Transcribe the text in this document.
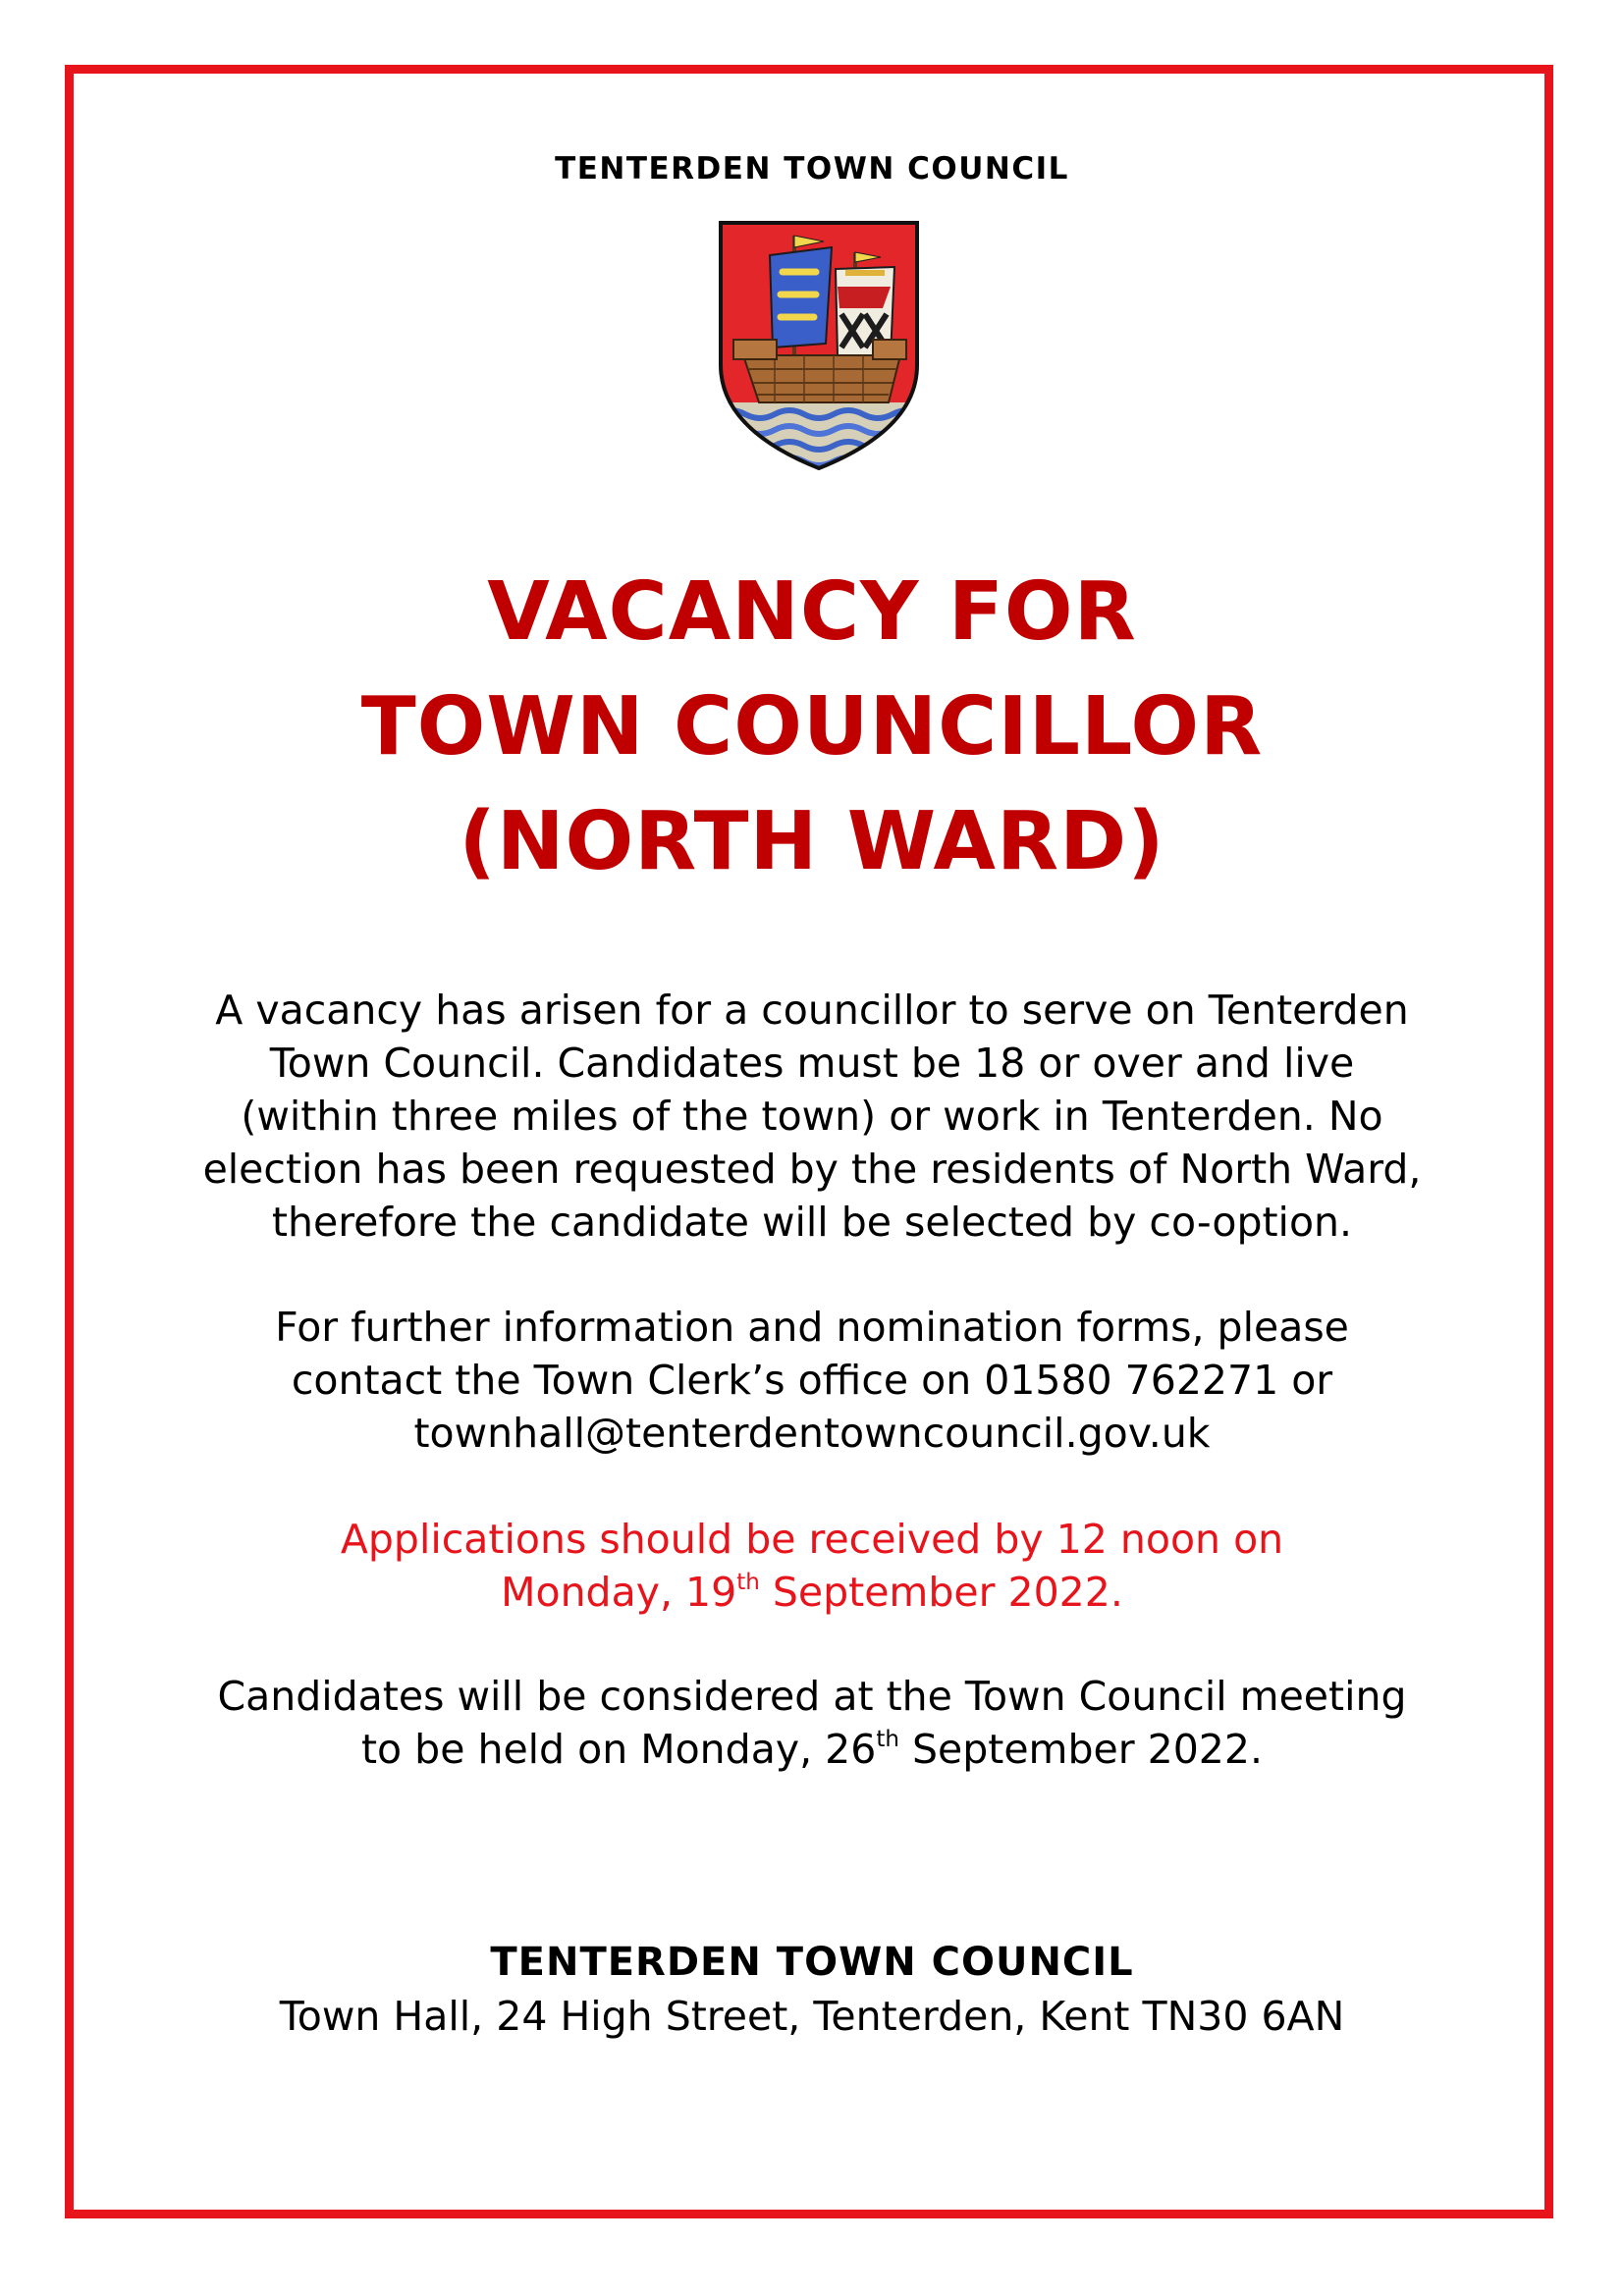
TENTERDEN TOWN COUNCIL
VACANCY FOR
TOWN COUNCILLOR
(NORTH WARD)
A vacancy has arisen for a councillor to serve on Tenterden
Town Council. Candidates must be 18 or over and live
(within three miles of the town) or work in Tenterden. No
election has been requested by the residents of North Ward,
therefore the candidate will be selected by co-option.
For further information and nomination forms, please
contact the Town Clerk’s office on 01580 762271 or
townhall@tenterdentowncouncil.gov.uk
Applications should be received by 12 noon on
Monday, 19th September 2022.
Candidates will be considered at the Town Council meeting
to be held on Monday, 26th September 2022.
TENTERDEN TOWN COUNCIL
Town Hall, 24 High Street, Tenterden, Kent TN30 6AN
